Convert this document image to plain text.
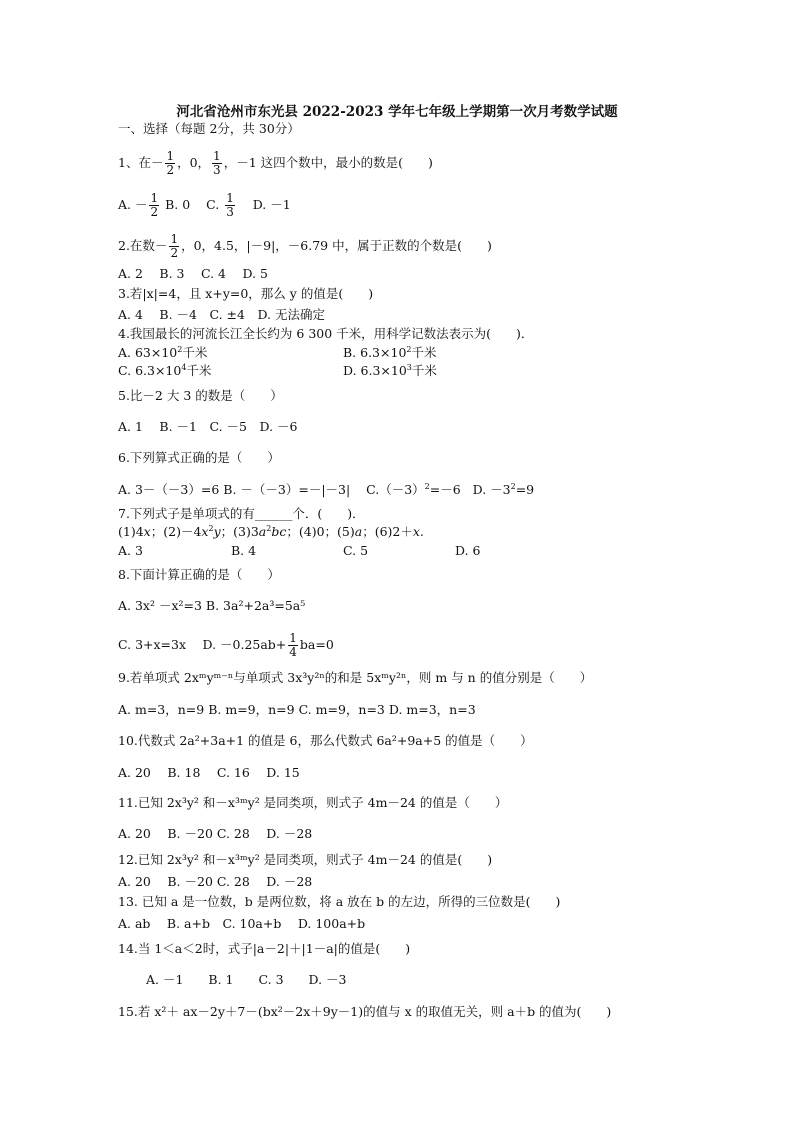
河北省沧州市东光县 2022-2023 学年七年级上学期第一次月考数学试题
一、选择（每题 2分，共 30分）
1、在－ $\frac{1}{2}$ ，0， $\frac{1}{3}$ ，－1 这四个数中，最小的数是(　　)
A. － $\frac{1}{2} B$. 0 C. $\frac{1}{3} D$. －1
2.在数－ $\frac{1}{2}$ ，0，4.5，|－9|，－6.79 中，属于正数的个数是(　　)
A. 2　 B. 3　 C. 4　 D. 5
3.若|x|=4，且 x+y=0，那么 y 的值是(　　)
A. 4　 B. －4　C. ±4　D. 无法确定
4.我国最长的河流长江全长约为 6 300 千米，用科学记数法表示为(　　)．
A. $63\times 10^2$千米	B. $6.3\times 10^2$千米
C. $6.3\times 10^4$千米	D. $6.3\times 10^3$千米
5.比－2 大 3 的数是（　　）
A. 1　 B. －1　C. －5　D. －6
6.下列算式正确的是（　　）
A. 3－（－3）=6 B. －（－3）=－|－3| $C.(-3)^2=-6$ D. $-3^2=9$
7.下列式子是单项式的有______个．(　　)．
(1)4x；$(2)-4x^2y$；$(3)3a^2bc$；(4)0；(5)a；(6)2＋x.
A. 3	B. 4	C. 5	D. 6
8.下面计算正确的是（　　）
A. 3x² －x²=3 B. 3a²+2a³=5a⁵
C. 3+x=3x　 D. $-0.25ab+ \frac{1}{4} ba=0$
9.若单项式 2xᵐyᵐ⁻ⁿ与单项式 3x³y²ⁿ的和是 5xᵐy²ⁿ，则 m 与 n 的值分别是（　　）
A. m=3，n=9 B. m=9，n=9 C. m=9，n=3 D. m=3，n=3
10.代数式 2a²+3a+1 的值是 6，那么代数式 6a²+9a+5 的值是（　　）
A. 20　 B. 18　 C. 16　 D. 15
11.已知 2x³y² 和－x³ᵐy² 是同类项，则式子 4m－24 的值是（　　）
A. 20　 B. －20 C. 28　 D. －28
12.已知 2x³y² 和－x³ᵐy² 是同类项，则式子 4m－24 的值是(　　)
A. 20　 B. －20 C. 28　 D. －28
13. 已知 a 是一位数，b 是两位数，将 a 放在 b 的左边，所得的三位数是(　　)
A. ab　 B. a+b　C. 10a+b　 D. 100a+b
14.当 1＜a＜2时，式子|a－2|＋|1－a|的值是(　　)
A. －1　　B. 1　　C. 3　　D. －3
15.若 x²＋ ax－2y＋7－(bx²－2x＋9y－1)的值与 x 的取值无关，则 a＋b 的值为(　　)
